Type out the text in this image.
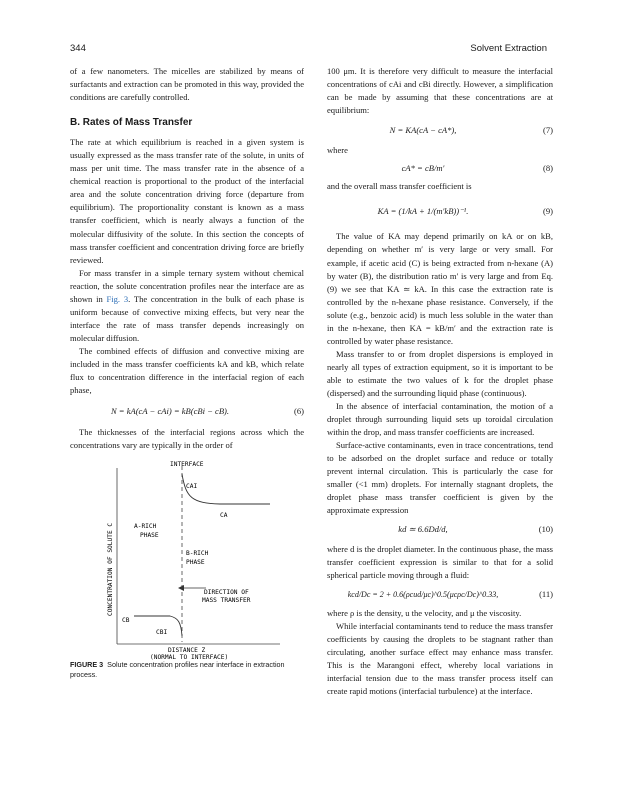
344	Solvent Extraction

of a few nanometers. The micelles are stabilized by means of surfactants and extraction can be promoted in this way, provided the conditions are carefully controlled.

B. Rates of Mass Transfer

The rate at which equilibrium is reached in a given system is usually expressed as the mass transfer rate of the solute, in units of mass per unit time. The mass transfer rate in the absence of a chemical reaction is proportional to the product of the interfacial area and the solute concentration driving force (departure from equilibrium). The proportionality constant is known as a mass transfer coefficient, which is nearly always a function of the molecular diffusivity of the solute. In this section the concepts of mass transfer coefficient and concentration driving force are briefly reviewed.

For mass transfer in a simple ternary system without chemical reaction, the solute concentration profiles near the interface are as shown in Fig. 3. The concentration in the bulk of each phase is uniform because of convective mixing effects, but very near the interface the rate of mass transfer depends increasingly on molecular diffusion.

The combined effects of diffusion and convective mixing are included in the mass transfer coefficients kA and kB, which relate flux to concentration difference in the interfacial region of each phase,

N = kA(cA − cAi) = kB(cBi − cB).	(6)

The thicknesses of the interfacial regions across which the concentrations vary are typically in the order of

INTERFACE
CAI
CA
A-RICH
PHASE
B-RICH
PHASE
DIRECTION OF
MASS TRANSFER
CB
CBI
CONCENTRATION OF SOLUTE C
DISTANCE Z
(NORMAL TO INTERFACE)
FIGURE 3 Solute concentration profiles near interface in extraction process.

100 μm. It is therefore very difficult to measure the interfacial concentrations of cAi and cBi directly. However, a simplification can be made by assuming that these concentrations are at equilibrium:

N = KA(cA − cA*),	(7)

where

cA* = cB/m′	(8)

and the overall mass transfer coefficient is

KA = (1/kA + 1/(m′kB))⁻¹.	(9)

The value of KA may depend primarily on kA or on kB, depending on whether m′ is very large or very small. For example, if acetic acid (C) is being extracted from n-hexane (A) by water (B), the distribution ratio m′ is very large and from Eq. (9) we see that KA ≃ kA. In this case the extraction rate is controlled by the n-hexane phase resistance. Conversely, if the solute (e.g., benzoic acid) is much less soluble in the water than in the n-hexane, then KA = kB/m′ and the extraction rate is controlled by water phase resistance.

Mass transfer to or from droplet dispersions is employed in nearly all types of extraction equipment, so it is important to be able to estimate the two values of k for the droplet phase (dispersed) and the surrounding liquid phase (continuous).

In the absence of interfacial contamination, the motion of a droplet through surrounding liquid sets up toroidal circulation within the drop, and mass transfer coefficients are increased.

Surface-active contaminants, even in trace concentrations, tend to be adsorbed on the droplet surface and reduce or totally prevent internal circulation. This is particularly the case for smaller (<1 mm) droplets. For internally stagnant droplets, the droplet phase mass transfer coefficient is given by the approximate expression

kd ≃ 6.6Dd/d,	(10)

where d is the droplet diameter. In the continuous phase, the mass transfer coefficient expression is similar to that for a solid spherical particle moving through a fluid:

kcd/Dc = 2 + 0.6(ρcud/μc)^0.5(μcρc/Dc)^0.33,	(11)

where ρ is the density, u the velocity, and μ the viscosity.

While interfacial contaminants tend to reduce the mass transfer coefficients by causing the droplets to be stagnant rather than circulating, another surface effect may enhance mass transfer. This is the Marangoni effect, whereby local variations in interfacial tension due to the mass transfer process itself can create rapid motions (interfacial turbulence) at the interface.
